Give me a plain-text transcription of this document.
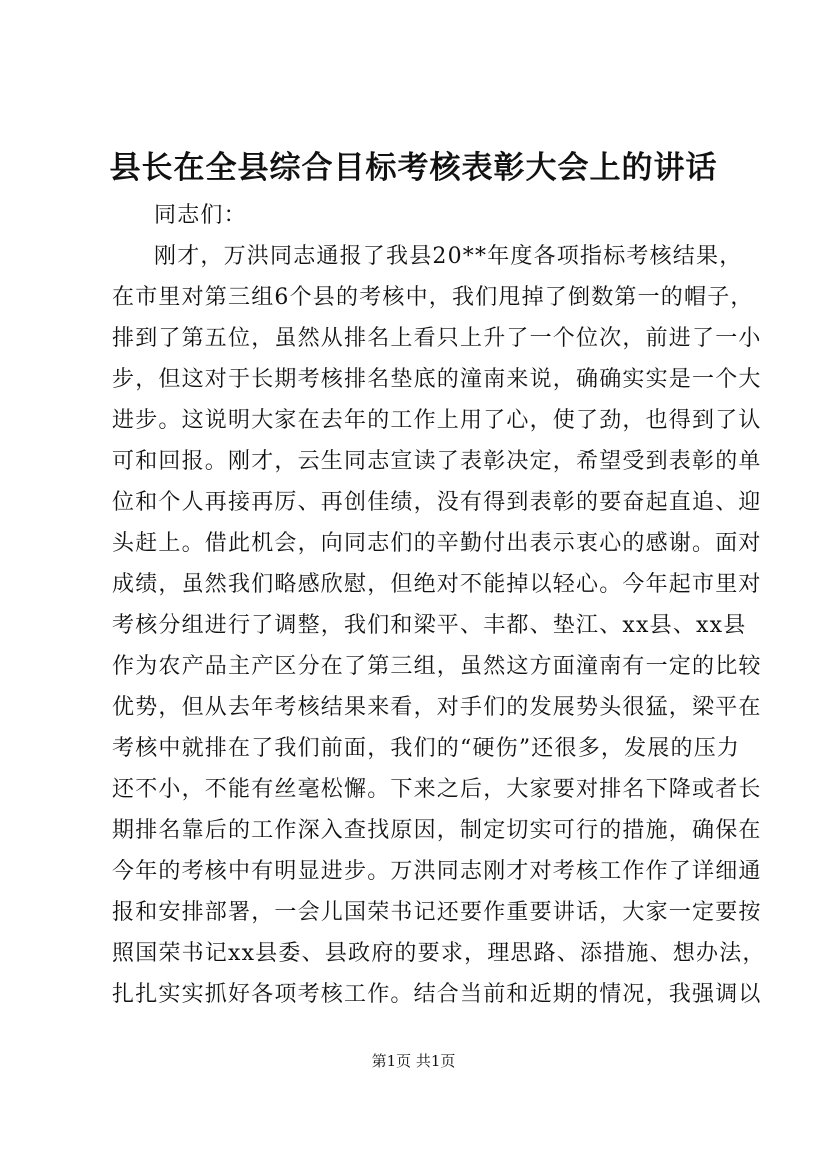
县长在全县综合目标考核表彰大会上的讲话
同志们：
刚才，万洪同志通报了我县20**年度各项指标考核结果，
在市里对第三组6个县的考核中，我们甩掉了倒数第一的帽子，
排到了第五位，虽然从排名上看只上升了一个位次，前进了一小
步，但这对于长期考核排名垫底的潼南来说，确确实实是一个大
进步。这说明大家在去年的工作上用了心，使了劲，也得到了认
可和回报。刚才，云生同志宣读了表彰决定，希望受到表彰的单
位和个人再接再厉、再创佳绩，没有得到表彰的要奋起直追、迎
头赶上。借此机会，向同志们的辛勤付出表示衷心的感谢。面对
成绩，虽然我们略感欣慰，但绝对不能掉以轻心。今年起市里对
考核分组进行了调整，我们和梁平、丰都、垫江、xx县、xx县
作为农产品主产区分在了第三组，虽然这方面潼南有一定的比较
优势，但从去年考核结果来看，对手们的发展势头很猛，梁平在
考核中就排在了我们前面，我们的“硬伤”还很多，发展的压力
还不小，不能有丝毫松懈。下来之后，大家要对排名下降或者长
期排名靠后的工作深入查找原因，制定切实可行的措施，确保在
今年的考核中有明显进步。万洪同志刚才对考核工作作了详细通
报和安排部署，一会儿国荣书记还要作重要讲话，大家一定要按
照国荣书记xx县委、县政府的要求，理思路、添措施、想办法，
扎扎实实抓好各项考核工作。结合当前和近期的情况，我强调以
第1页 共1页
